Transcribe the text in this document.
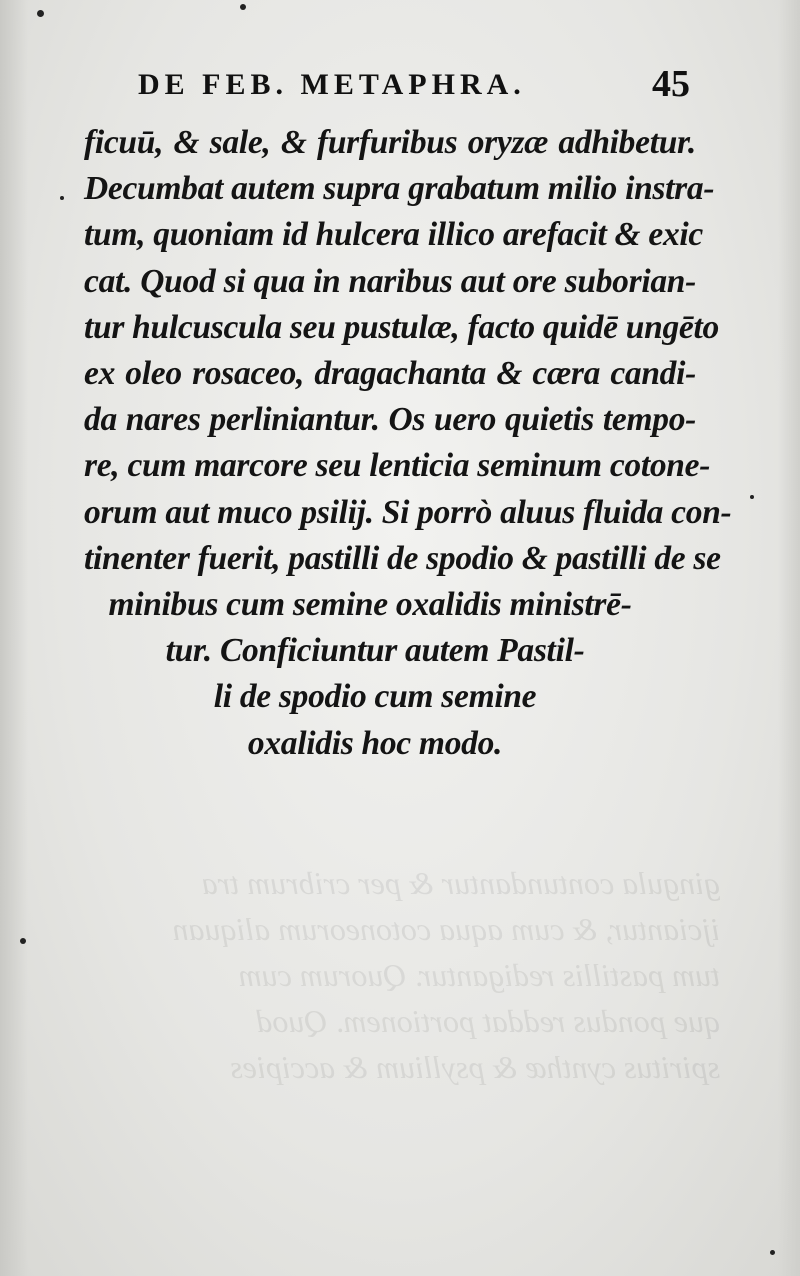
gingula contundantur & per cribrum tra
ijciantur, & cum aqua cotoneorum aliquan
tum pastillis redigantur. Quorum cum
que pondus reddat portionem. Quod
spiritus cynthæ & psyllium & accipies
DE FEB. METAPHRA.	45
ficuū, & sale, & furfuribus oryzæ adhibetur.
Decumbat autem supra grabatum milio instra-
tum, quoniam id hulcera illico arefacit & exic
cat. Quod si qua in naribus aut ore suborian-
tur hulcuscula seu pustulæ, facto quidē ungēto
ex oleo rosaceo, dragachanta & cæra candi-
da nares perliniantur. Os uero quietis tempo-
re, cum marcore seu lenticia seminum cotone-
orum aut muco psilij. Si porrò aluus fluida con-
tinenter fuerit, pastilli de spodio & pastilli de se
minibus cum semine oxalidis ministrē-
tur. Conficiuntur autem Pastil-
li de spodio cum semine
oxalidis hoc modo.
